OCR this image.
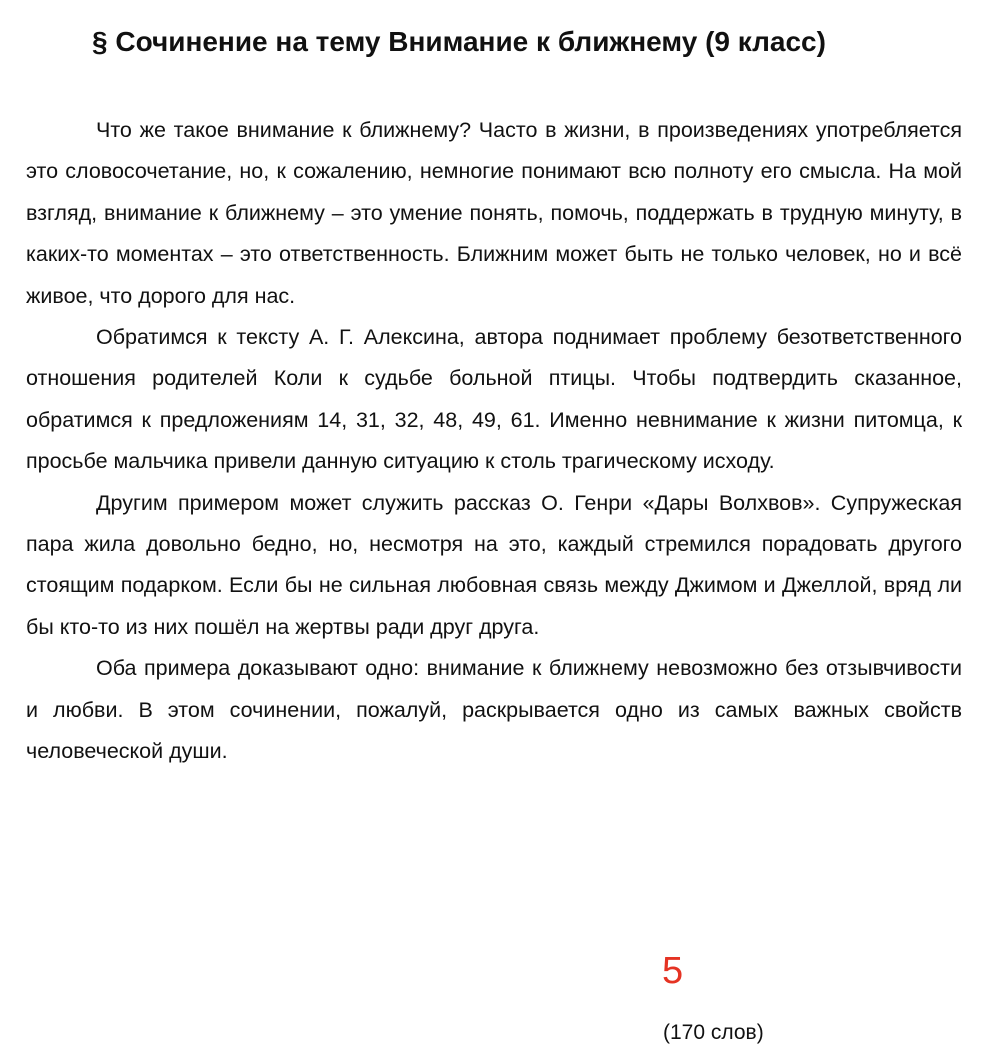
§ Сочинение на тему Внимание к ближнему (9 класс)

Что же такое внимание к ближнему? Часто в жизни, в произведениях употребляется это словосочетание, но, к сожалению, немногие понимают всю полноту его смысла. На мой взгляд, внимание к ближнему – это умение понять, помочь, поддержать в трудную минуту, в каких-то моментах – это ответственность. Ближним может быть не только человек, но и всё живое, что дорого для нас.

Обратимся к тексту А. Г. Алексина, автора поднимает проблему безответственного отношения родителей Коли к судьбе больной птицы. Чтобы подтвердить сказанное, обратимся к предложениям 14, 31, 32, 48, 49, 61. Именно невнимание к жизни питомца, к просьбе мальчика привели данную ситуацию к столь трагическому исходу.

Другим примером может служить рассказ О. Генри «Дары Волхвов». Супружеская пара жила довольно бедно, но, несмотря на это, каждый стремился порадовать другого стоящим подарком. Если бы не сильная любовная связь между Джимом и Джеллой, вряд ли бы кто-то из них пошёл на жертвы ради друг друга.

Оба примера доказывают одно: внимание к ближнему невозможно без отзывчивости и любви. В этом сочинении, пожалуй, раскрывается одно из самых важных свойств человеческой души.

5
(170 слов)
